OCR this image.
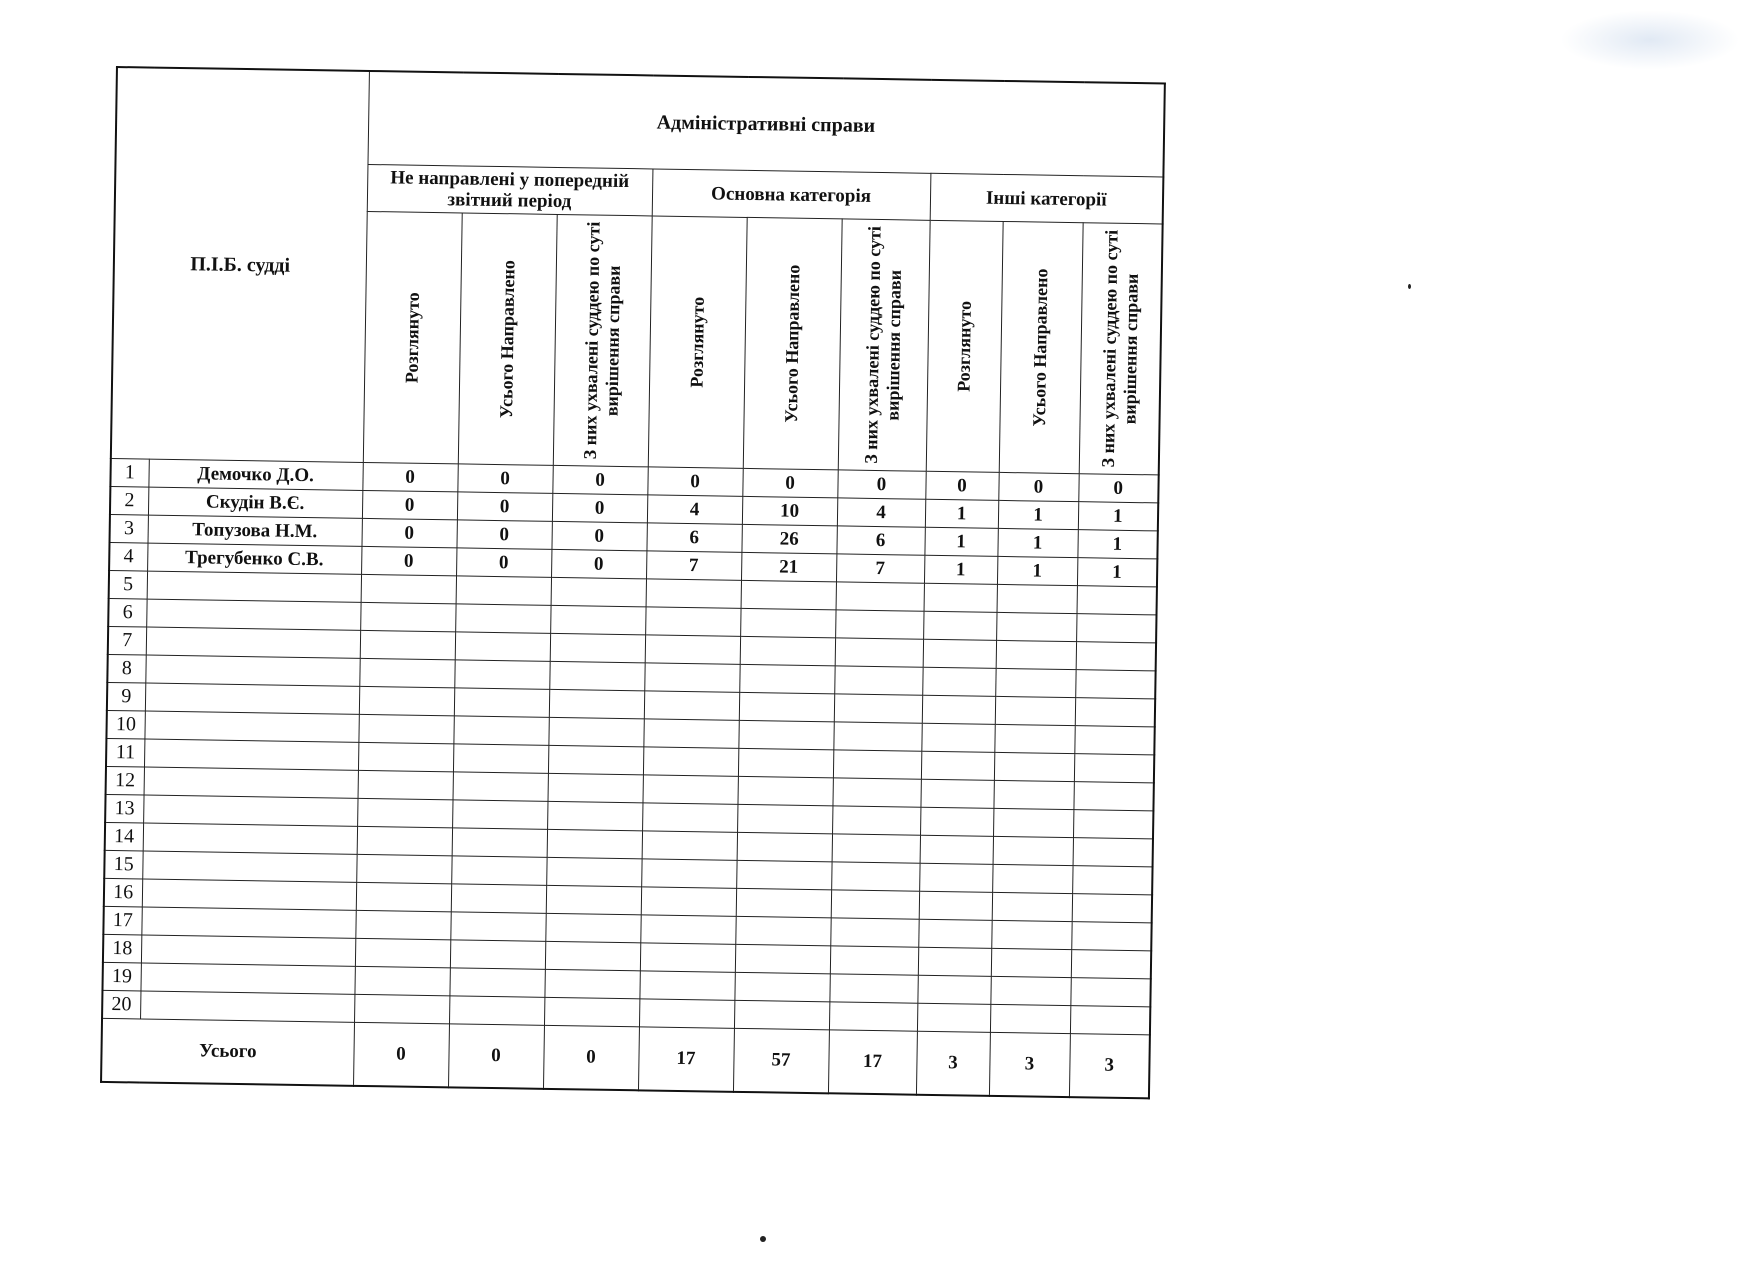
П.І.Б. судді		Адміністративні справи								
		Не направлені у попередній звітний період			Основна категорія			Інші категорії		

		Розглянуто	Усього Направлено	З них ухвалені суддею по суті вирішення справи	Розглянуто	Усього Направлено	З них ухвалені суддею по суті вирішення справи	Розглянуто	Усього Направлено	З них ухвалені суддею по суті вирішення справи

1	Демочко Д.О.	0	0	0	0	0	0	0	0	0
2	Скудін В.Є.	0	0	0	4	10	4	1	1	1
3	Топузова Н.М.	0	0	0	6	26	6	1	1	1
4	Трегубенко С.В.	0	0	0	7	21	7	1	1	1
5										
6										
7										
8										
9										
10										
11										
12										
13										
14										
15										
16										
17										
18										
19										
20										
Усього		0	0	0	17	57	17	3	3	3
